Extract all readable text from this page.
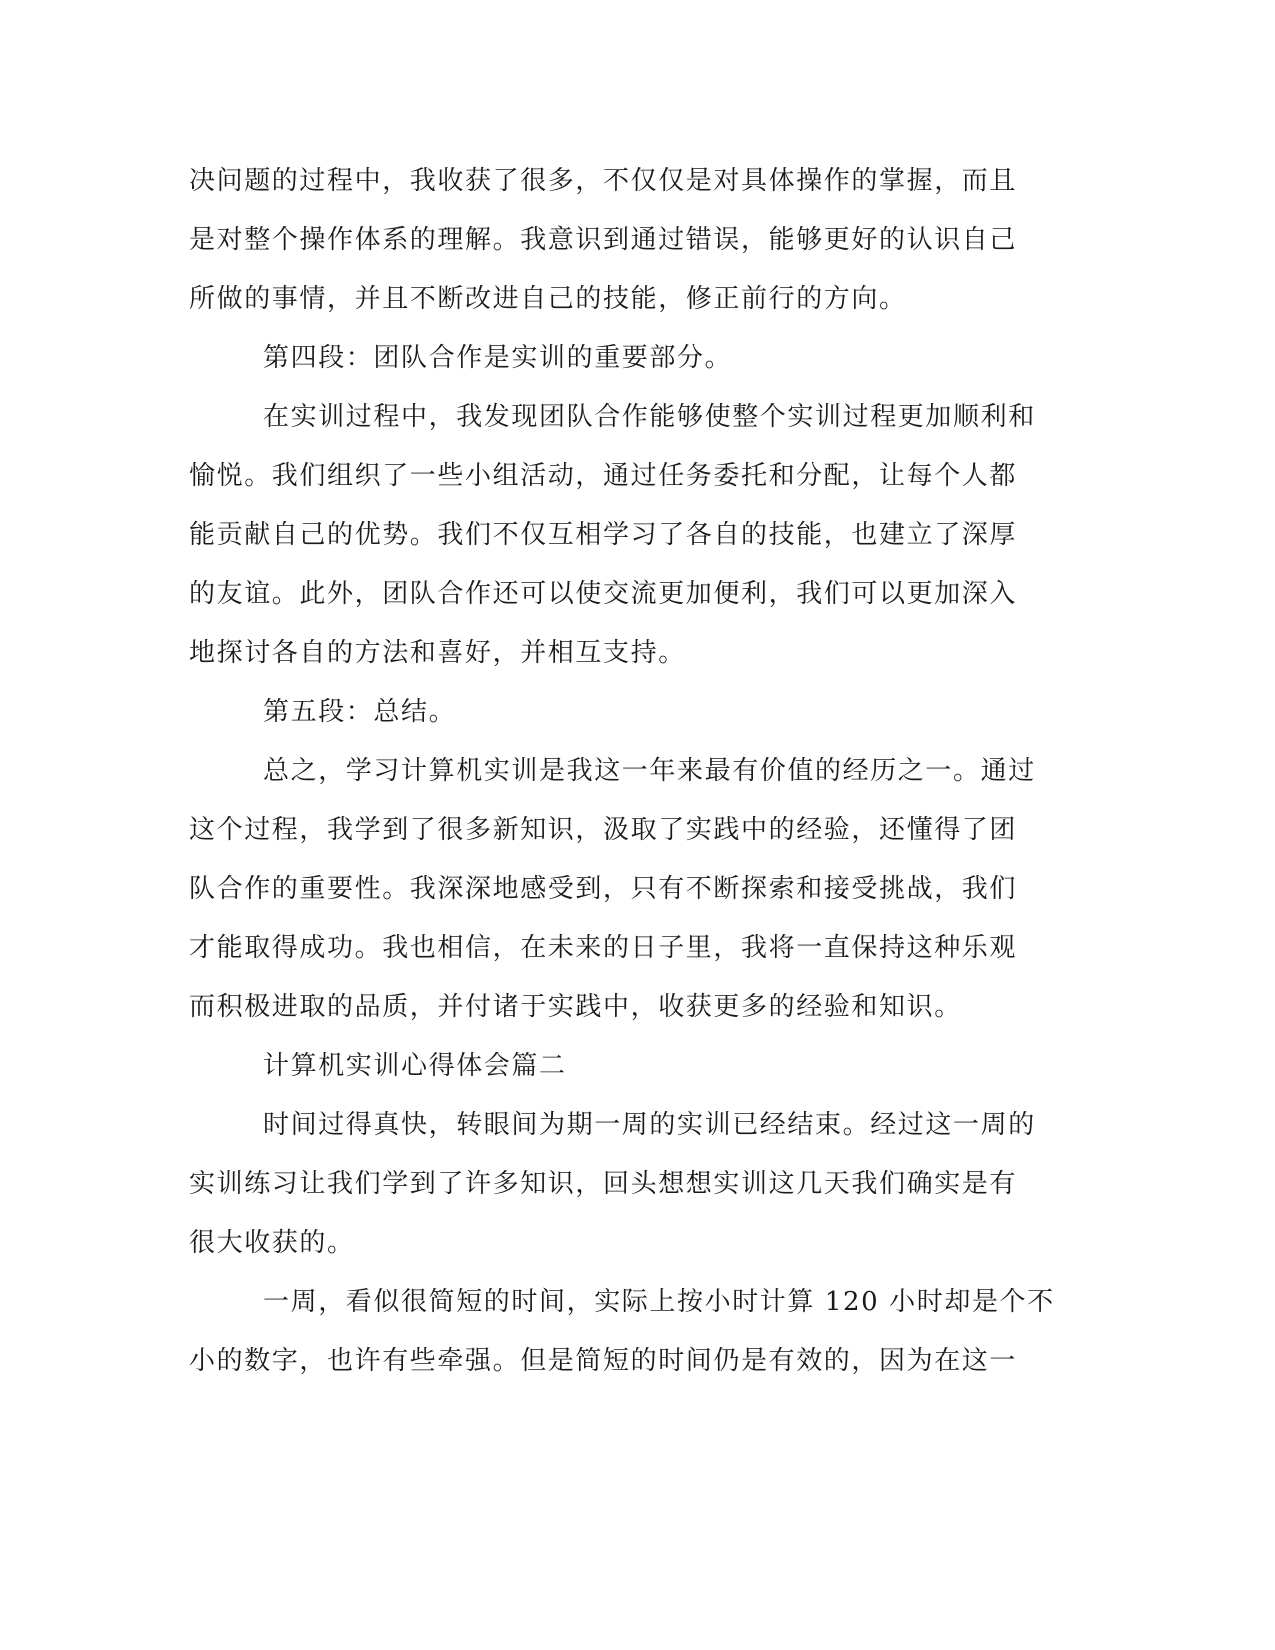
决问题的过程中，我收获了很多，不仅仅是对具体操作的掌握，而且
是对整个操作体系的理解。我意识到通过错误，能够更好的认识自己
所做的事情，并且不断改进自己的技能，修正前行的方向。
第四段：团队合作是实训的重要部分。
在实训过程中，我发现团队合作能够使整个实训过程更加顺利和
愉悦。我们组织了一些小组活动，通过任务委托和分配，让每个人都
能贡献自己的优势。我们不仅互相学习了各自的技能，也建立了深厚
的友谊。此外，团队合作还可以使交流更加便利，我们可以更加深入
地探讨各自的方法和喜好，并相互支持。
第五段：总结。
总之，学习计算机实训是我这一年来最有价值的经历之一。通过
这个过程，我学到了很多新知识，汲取了实践中的经验，还懂得了团
队合作的重要性。我深深地感受到，只有不断探索和接受挑战，我们
才能取得成功。我也相信，在未来的日子里，我将一直保持这种乐观
而积极进取的品质，并付诸于实践中，收获更多的经验和知识。
计算机实训心得体会篇二
时间过得真快，转眼间为期一周的实训已经结束。经过这一周的
实训练习让我们学到了许多知识，回头想想实训这几天我们确实是有
很大收获的。
一周，看似很简短的时间，实际上按小时计算 120 小时却是个不
小的数字，也许有些牵强。但是简短的时间仍是有效的，因为在这一
